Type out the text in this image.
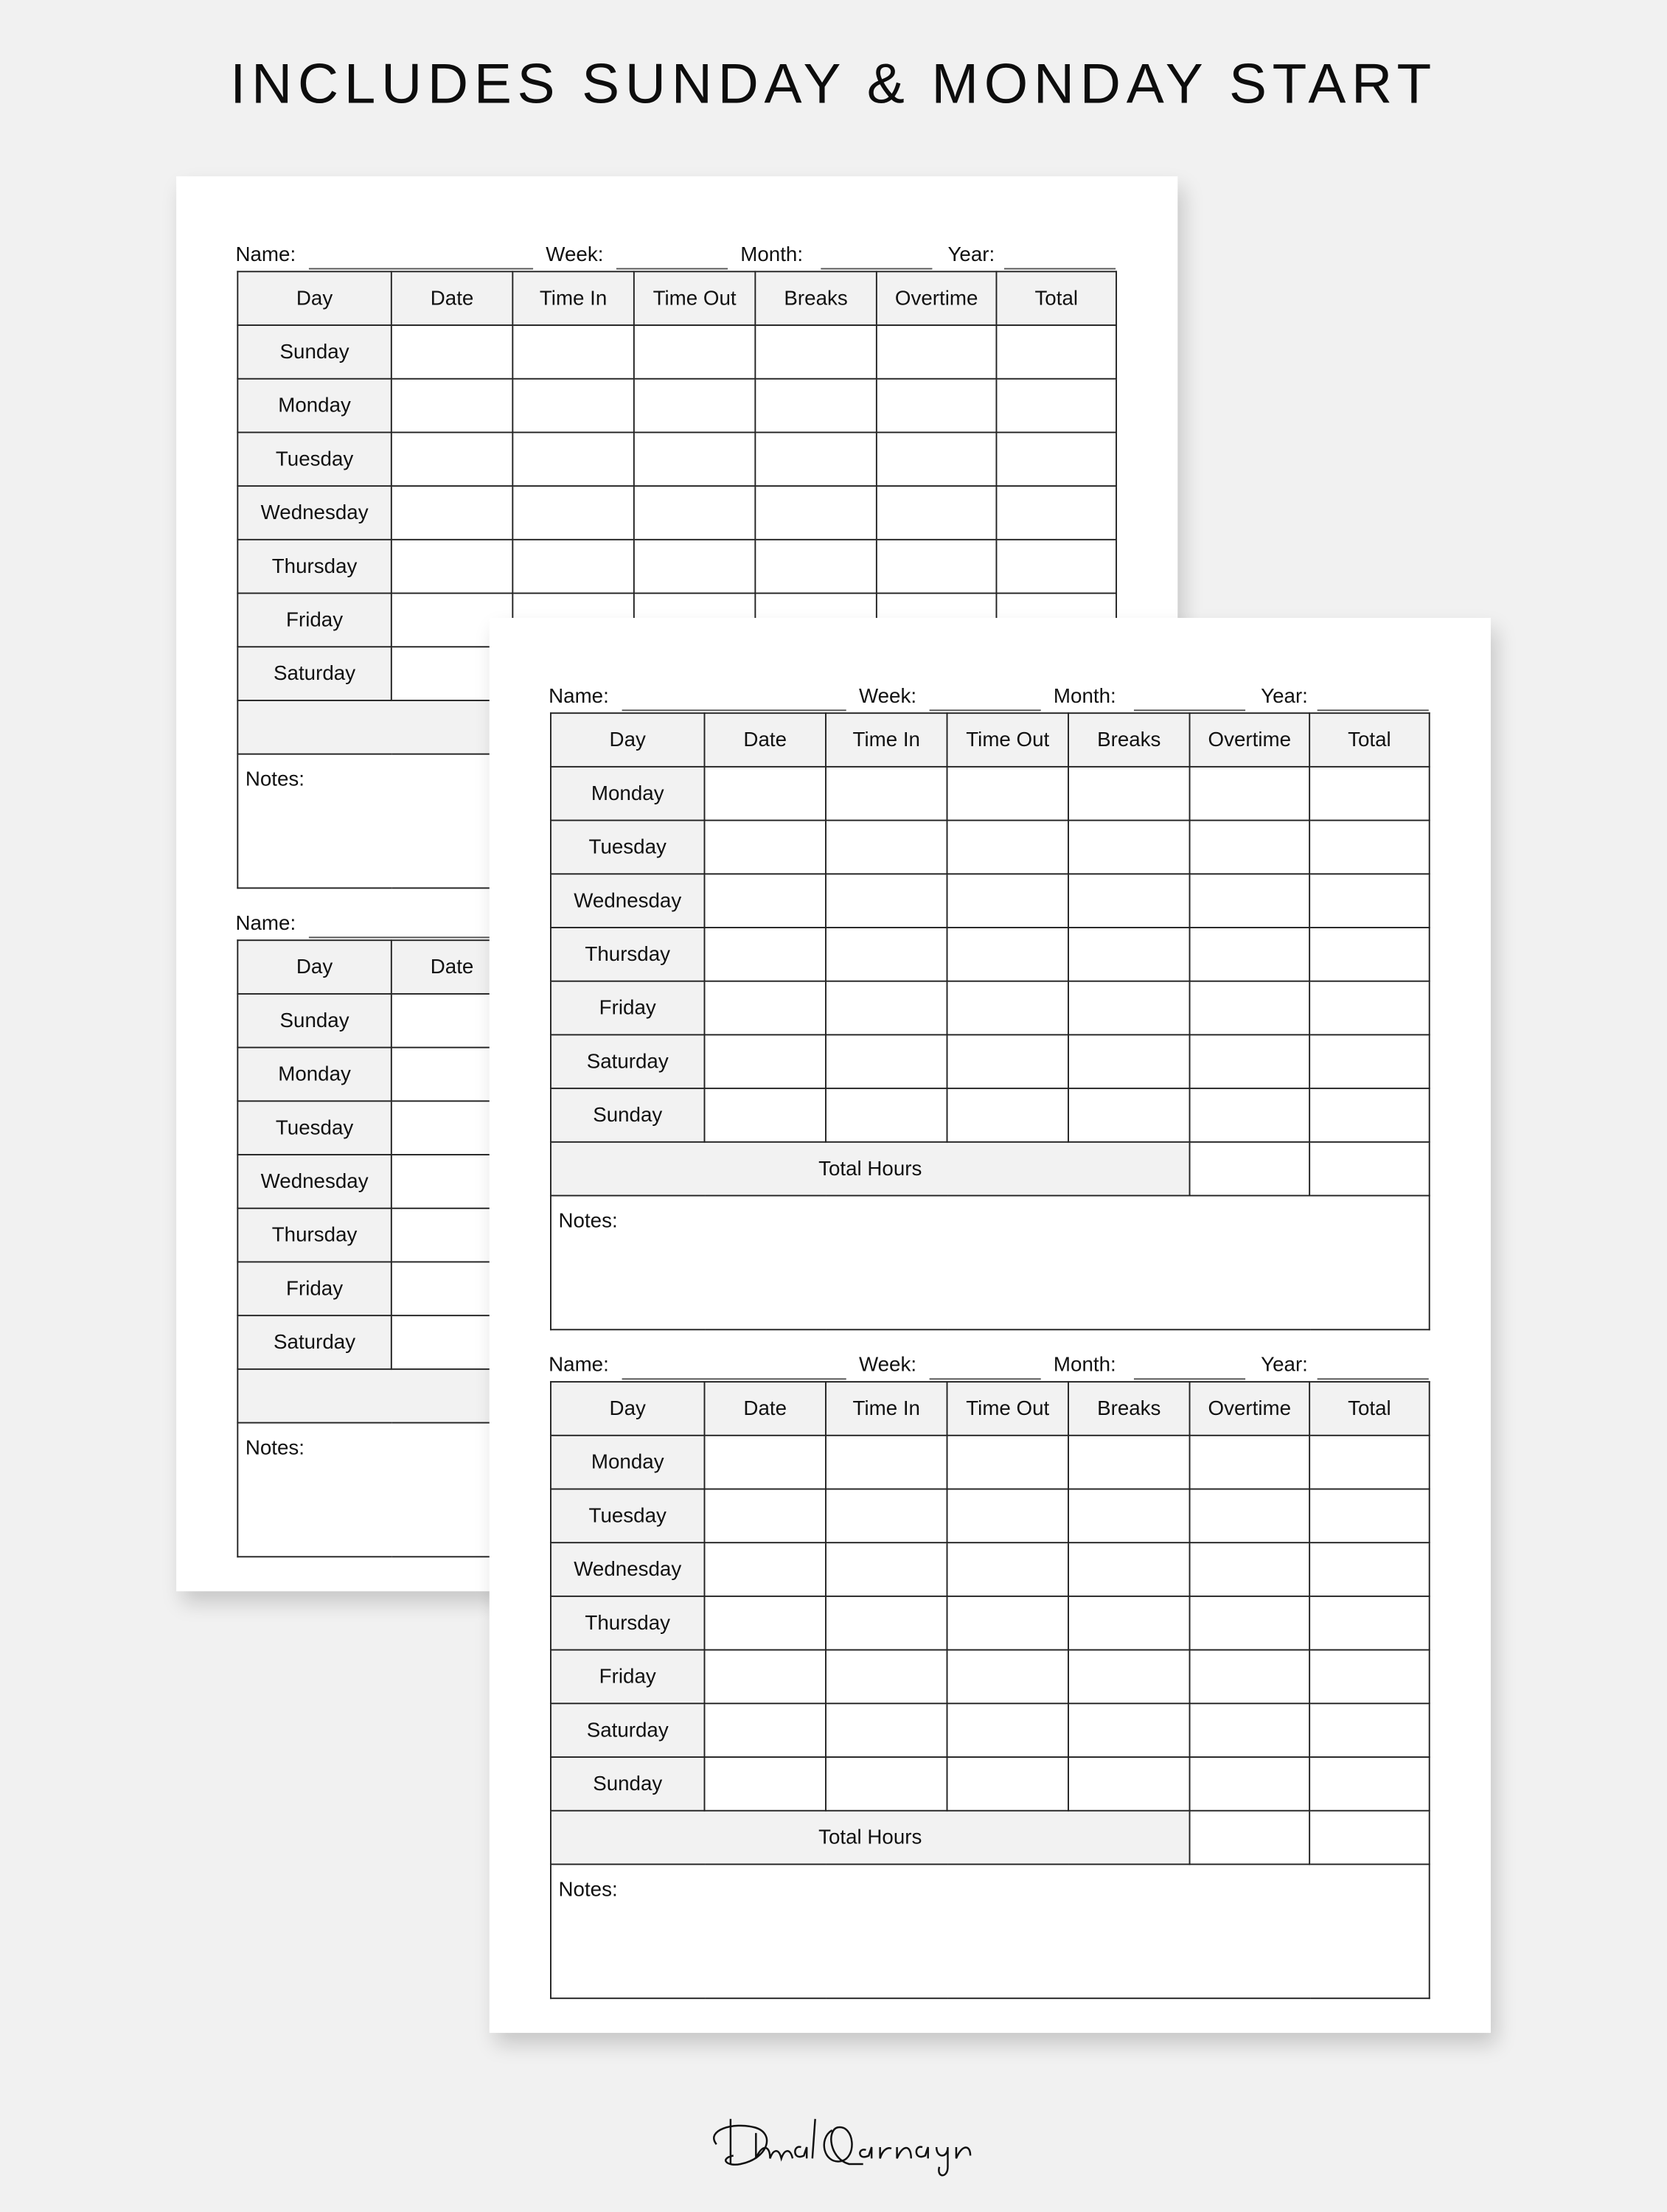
INCLUDES SUNDAY & MONDAY START
Name:	Week:	Month:	Year:
Day	Date	Time In	Time Out	Breaks	Overtime	Total
Sunday						
Monday						
Tuesday						
Wednesday						
Thursday						
Friday						
Saturday						

Notes:						
Name:
Day	Date					
Sunday						
Monday						
Tuesday						
Wednesday						
Thursday						
Friday						
Saturday						

Notes:						
Name:	Week:	Month:	Year:
Day	Date	Time In	Time Out	Breaks	Overtime	Total
Monday						
Tuesday						
Wednesday						
Thursday						
Friday						
Saturday						
Sunday						
Total Hours						
Notes:						
Name:	Week:	Month:	Year:
Day	Date	Time In	Time Out	Breaks	Overtime	Total
Monday						
Tuesday						
Wednesday						
Thursday						
Friday						
Saturday						
Sunday						
Total Hours						
Notes:						
